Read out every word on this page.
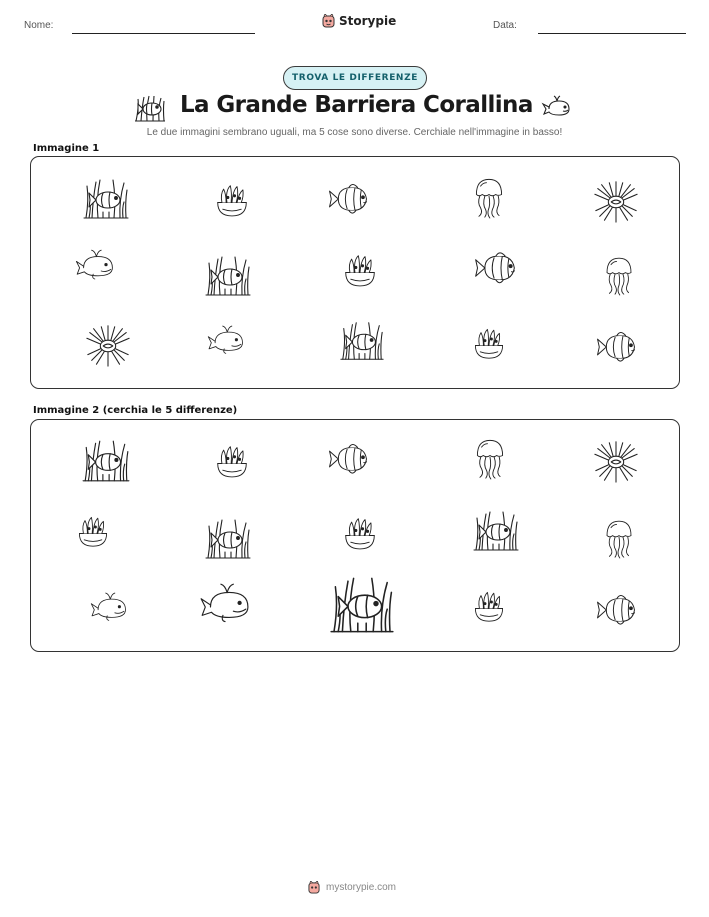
Nome:	Storypie	Data:
TROVA LE DIFFERENZE
La Grande Barriera Corallina
Le due immagini sembrano uguali, ma 5 cose sono diverse. Cerchiale nell'immagine in basso!
Immagine 1
Immagine 2 (cerchia le 5 differenze)
mystorypie.com
